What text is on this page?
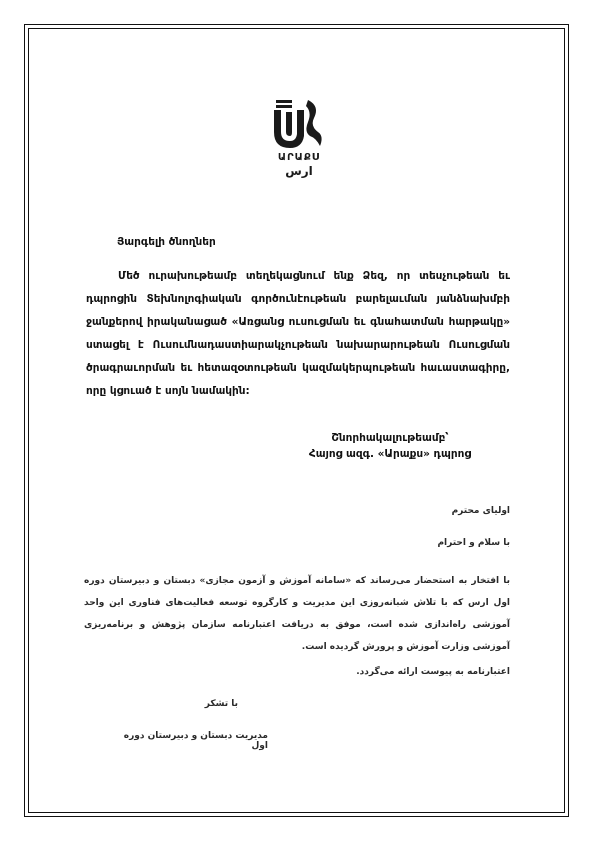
ԱՐԱՔՍ
ارس
Յարգելի ծնողներ
Մեծ ուրախութեամբ տեղեկացնում ենք Ձեզ, որ տեսչութեան եւ դպրոցին Տեխնոլոգիական գործունէութեան բարելաւման յանձնախմբի ջանքերով իրականացած «Առցանց ուսուցման եւ գնահատման հարթակը» ստացել է Ուսումնադաստիարակչութեան նախարարութեան Ուսուցման ծրագրաւորման եւ հետազօտութեան կազմակերպութեան հաւաստագիրը, որը կցուած է սոյն նամակին:
Շնորհակալութեամբ՝
Հայոց ազգ. «Արաքս» դպրոց
اولیای محترم
با سلام و احترام
با افتخار به استحضار می‌رساند که «سامانه آموزش و آزمون مجازی» دبستان و دبیرستان دوره اول ارس که با تلاش شبانه‌روزی این مدیریت و کارگروه توسعه فعالیت‌های فناوری این واحد آموزشی راه‌اندازی شده است، موفق به دریافت اعتبارنامه سازمان پژوهش و برنامه‌ریزی آموزشی وزارت آموزش و پرورش گردیده است.
اعتبارنامه به پیوست ارائه می‌گردد.
با تشکر
مدیریت دبستان و دبیرستان دوره اول
